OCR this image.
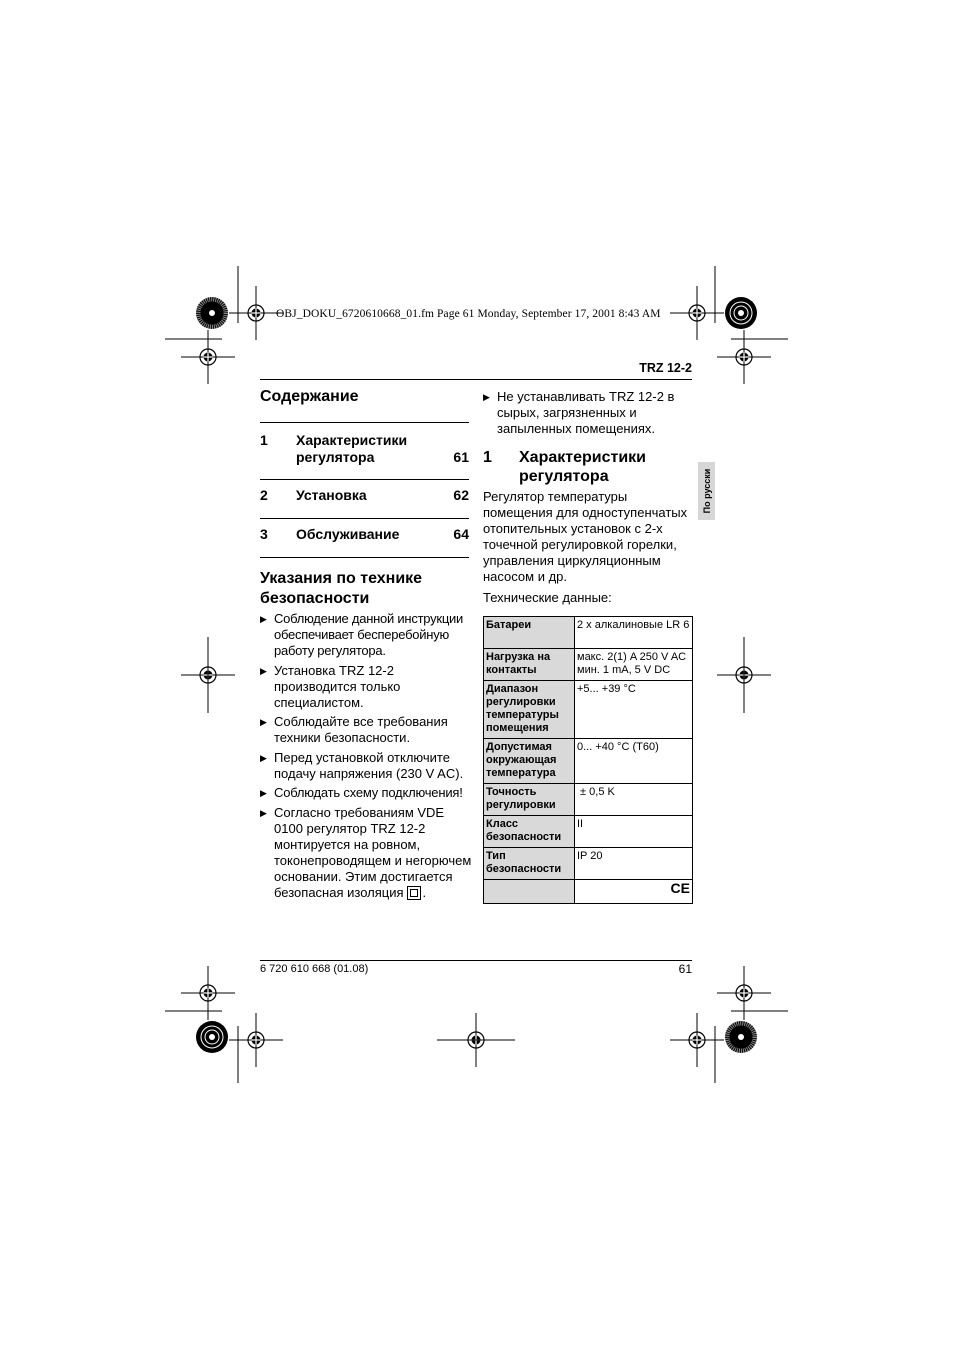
OBJ_DOKU_6720610668_01.fm Page 61 Monday, September 17, 2001 8:43 AM
TRZ 12-2
Содержание
1 Характеристики регулятора	61
2 Установка	62
3 Обслуживание	64
Указания по технике безопасности
▶ Соблюдение данной инструкции обеспечивает бесперебойную работу регулятора.
▶ Установка TRZ 12-2 производится только специалистом.
▶ Соблюдайте все требования техники безопасности.
▶ Перед установкой отключите подачу напряжения (230 V AC).
▶ Соблюдать схему подключения!
▶ Согласно требованиям VDE 0100 регулятор TRZ 12-2 монтируется на ровном, токонепроводящем и негорючем основании. Этим достигается безопасная изоляция .
▶ Не устанавливать TRZ 12-2 в сырых, загрязненных и запыленных помещениях.
1 Характеристики регулятора
Регулятор температуры помещения для одноступенчатых отопительных установок с 2-х точечной регулировкой горелки, управления циркуляционным насосом и др.
Технические данные:
По русски
Батареи	2 x алкалиновые LR 6
Нагрузка на контакты	макс. 2(1) A 250 V AC мин. 1 mA, 5 V DC
Диапазон регулировки температуры помещения	+5... +39 °C
Допустимая окружающая температура	0... +40 °C (T60)
Точность регулировки	± 0,5 K
Класс безопасности	II
Тип безопасности	IP 20
	CE
6 720 610 668 (01.08)	61
